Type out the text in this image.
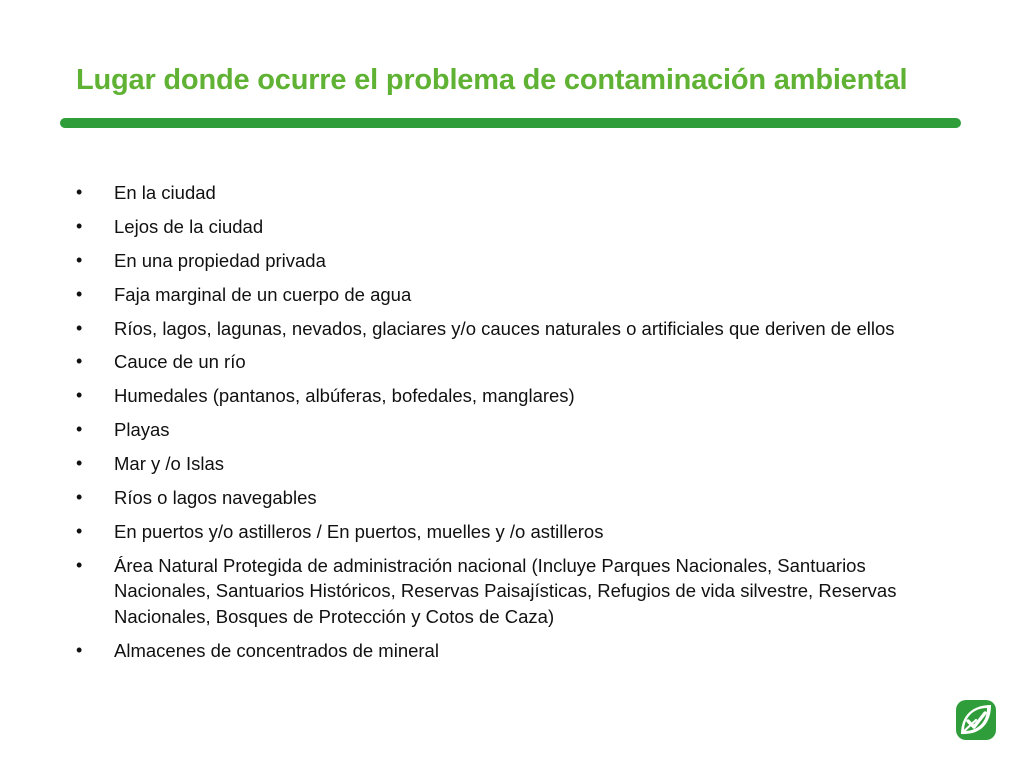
Lugar donde ocurre el problema de contaminación ambiental
• En la ciudad
• Lejos de la ciudad
• En una propiedad privada
• Faja marginal de un cuerpo de agua
• Ríos, lagos, lagunas, nevados, glaciares y/o cauces naturales o artificiales que deriven de ellos
• Cauce de un río
• Humedales (pantanos, albúferas, bofedales, manglares)
• Playas
• Mar y /o Islas
• Ríos o lagos navegables
• En puertos y/o astilleros / En puertos, muelles y /o astilleros
• Área Natural Protegida de administración nacional (Incluye Parques Nacionales, Santuarios Nacionales, Santuarios Históricos, Reservas Paisajísticas, Refugios de vida silvestre, Reservas Nacionales, Bosques de Protección y Cotos de Caza)
• Almacenes de concentrados de mineral
